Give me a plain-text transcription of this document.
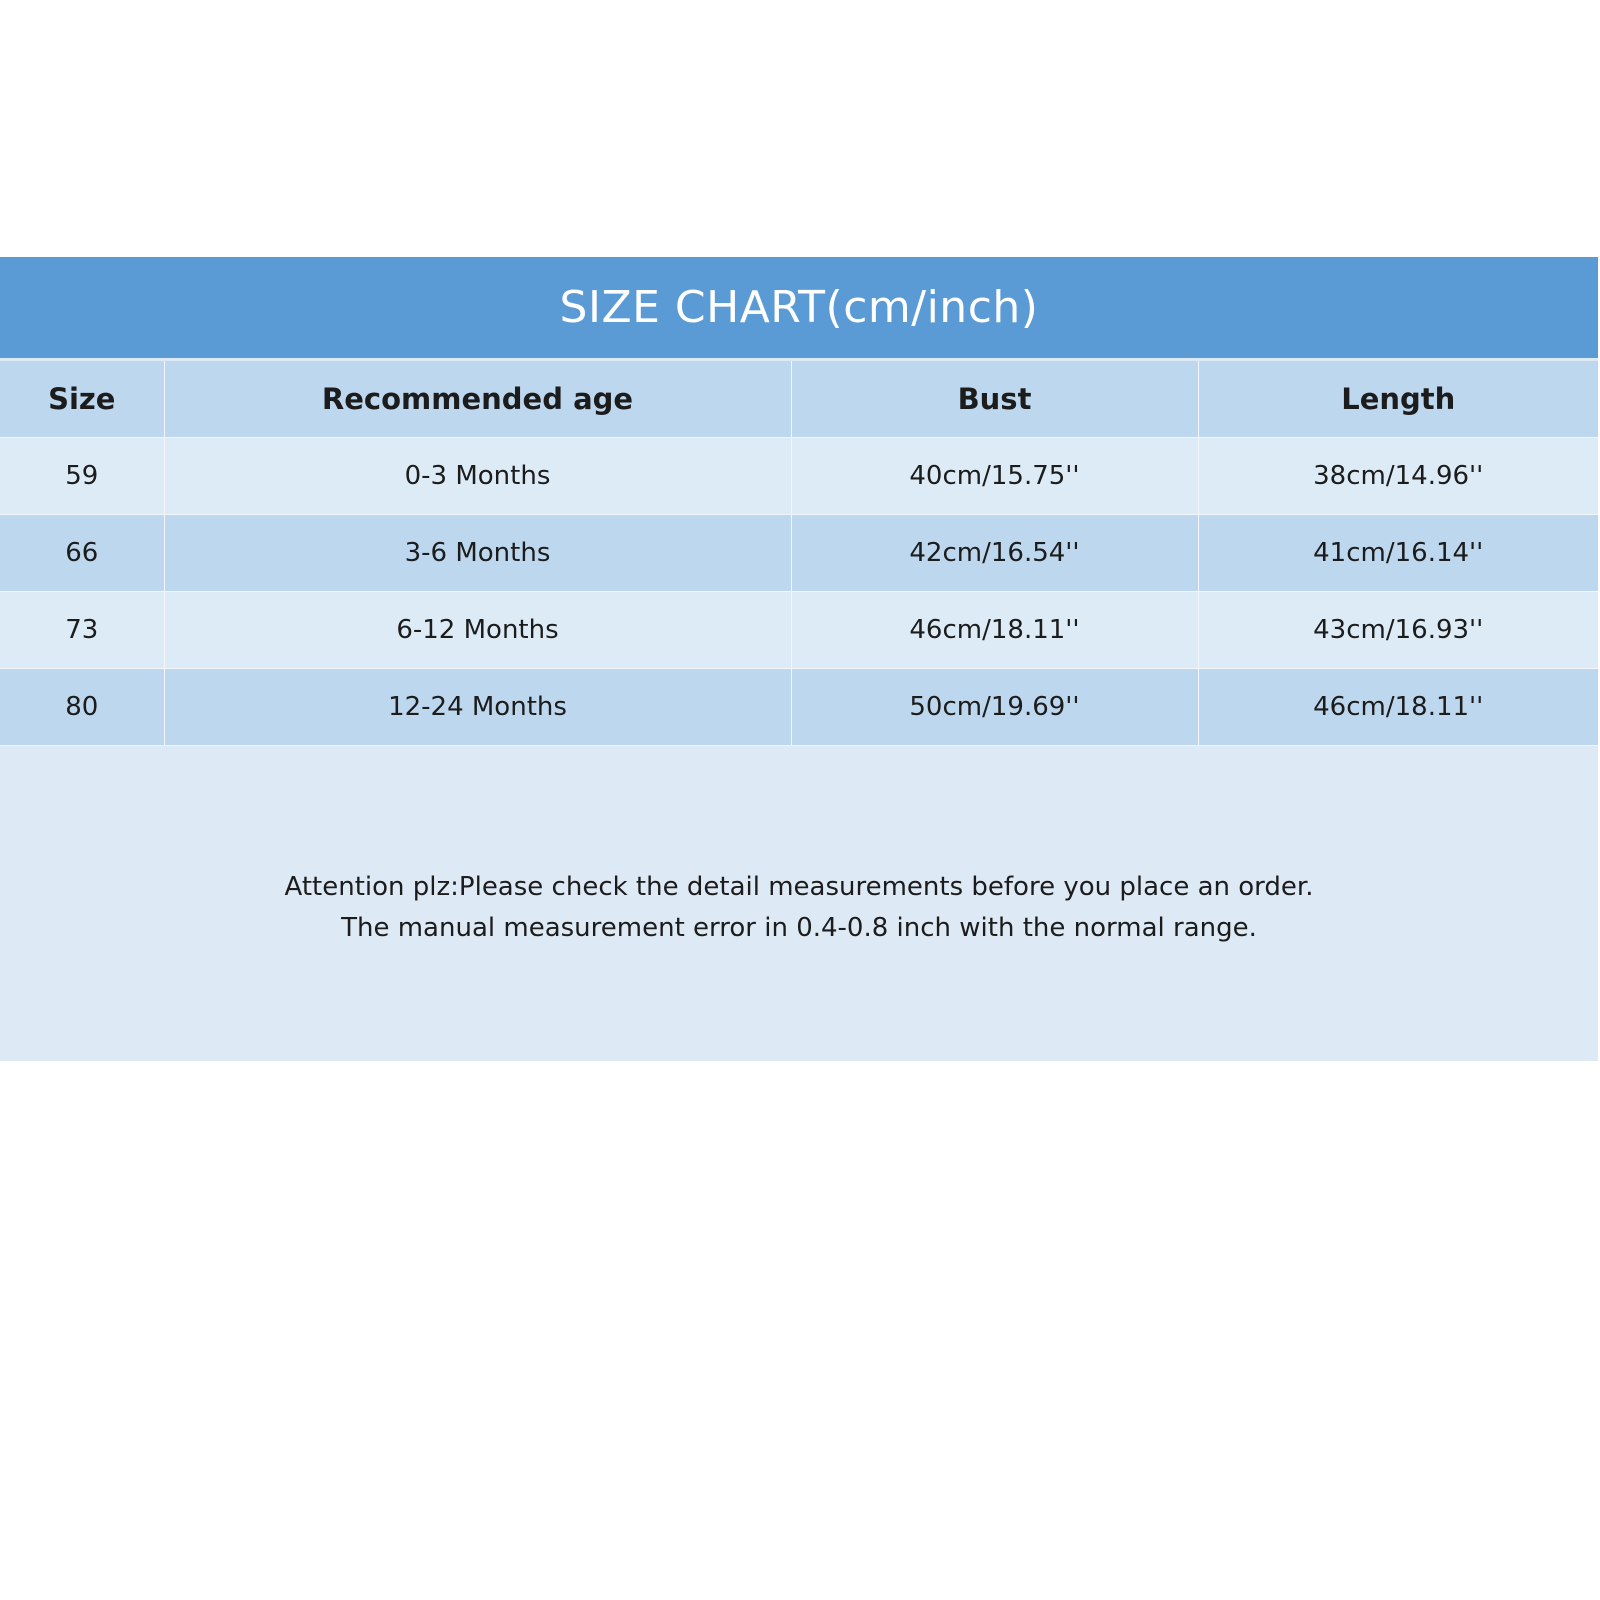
SIZE CHART(cm/inch)
Size	Recommended age	Bust	Length
59	0-3 Months	40cm/15.75''	38cm/14.96''
66	3-6 Months	42cm/16.54''	41cm/16.14''
73	6-12 Months	46cm/18.11''	43cm/16.93''
80	12-24 Months	50cm/19.69''	46cm/18.11''
Attention plz:Please check the detail measurements before you place an order.
The manual measurement error in 0.4-0.8 inch with the normal range.
